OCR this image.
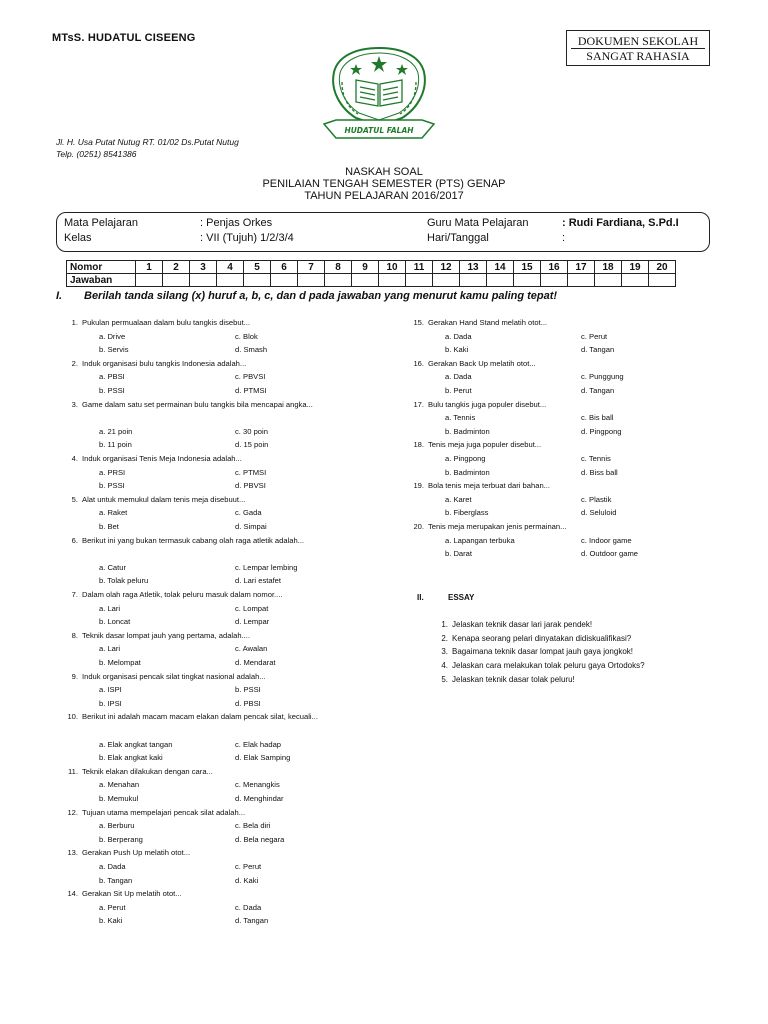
MTsS. HUDATUL CISEENG	DOKUMEN SEKOLAH
SANGAT RAHASIA
HUDATUL FALAH
Jl. H. Usa Putat Nutug RT. 01/02 Ds.Putat Nutug
Telp. (0251) 8541386
NASKAH SOAL
PENILAIAN TENGAH SEMESTER (PTS) GENAP
TAHUN PELAJARAN 2016/2017
Mata Pelajaran	: Penjas Orkes
Kelas	: VII (Tujuh) 1/2/3/4
Guru Mata Pelajaran	: Rudi Fardiana, S.Pd.I
Hari/Tanggal	:
Nomor	1	2	3	4	5	6	7	8	9	10	11	12	13	14	15	16	17	18	19	20
Jawaban																				
I. Berilah tanda silang (x) huruf a, b, c, dan d pada jawaban yang menurut kamu paling tepat!
1. Pukulan permualaan dalam bulu tangkis disebut...
a. Drive
b. Servis
c. Blok
d. Smash
2. Induk organisasi bulu tangkis Indonesia adalah...
a. PBSI
b. PSSI
c. PBVSI
d. PTMSI
3. Game dalam satu set permainan bulu tangkis bila mencapai angka...
a. 21 poin
b. 11 poin
c. 30 poin
d. 15 poin
4. Induk organisasi Tenis Meja Indonesia adalah...
a. PRSI
b. PSSI
c. PTMSI
d. PBVSI
5. Alat untuk memukul dalam tenis meja disebuut...
a. Raket
b. Bet
c. Gada
d. Simpai
6. Berikut ini yang bukan termasuk cabang olah raga atletik adalah...
a. Catur
b. Tolak peluru
c. Lempar lembing
d. Lari estafet
7. Dalam olah raga Atletik, tolak peluru masuk dalam nomor....
a. Lari
b. Loncat
c. Lompat
d. Lempar
8. Teknik dasar lompat jauh yang pertama, adalah....
a. Lari
b. Melompat
c. Awalan
d. Mendarat
9. Induk organisasi pencak silat tingkat nasional adalah...
a. ISPI
b. IPSI
b. PSSI
d. PBSI
10. Berikut ini adalah macam macam elakan dalam pencak silat, kecuali...
a. Elak angkat tangan
b. Elak angkat kaki
c. Elak hadap
d. Elak Samping
11. Teknik elakan dilakukan dengan cara...
a. Menahan
b. Memukul
c. Menangkis
d. Menghindar
12. Tujuan utama mempelajari pencak silat adalah...
a. Berburu
b. Berperang
c. Bela diri
d. Bela negara
13. Gerakan Push Up melatih otot...
a. Dada
b. Tangan
c. Perut
d. Kaki
14. Gerakan Sit Up melatih otot...
a. Perut
b. Kaki
c. Dada
d. Tangan
15. Gerakan Hand Stand melatih otot...
a. Dada
b. Kaki
c. Perut
d. Tangan
16. Gerakan Back Up melatih otot...
a. Dada
b. Perut
c. Punggung
d. Tangan
17. Bulu tangkis juga populer disebut...
a. Tennis
b. Badminton
c. Bis ball
d. Pingpong
18. Tenis meja juga populer disebut...
a. Pingpong
b. Badminton
c. Tennis
d. Biss ball
19. Bola tenis meja terbuat dari bahan...
a. Karet
b. Fiberglass
c. Plastik
d. Seluloid
20. Tenis meja merupakan jenis permainan...
a. Lapangan terbuka
b. Darat
c. Indoor game
d. Outdoor game
II.	ESSAY
1. Jelaskan teknik dasar lari jarak pendek!
2. Kenapa seorang pelari dinyatakan didiskualifikasi?
3. Bagaimana teknik dasar lompat jauh gaya jongkok!
4. Jelaskan cara melakukan tolak peluru gaya Ortodoks?
5. Jelaskan teknik dasar tolak peluru!
